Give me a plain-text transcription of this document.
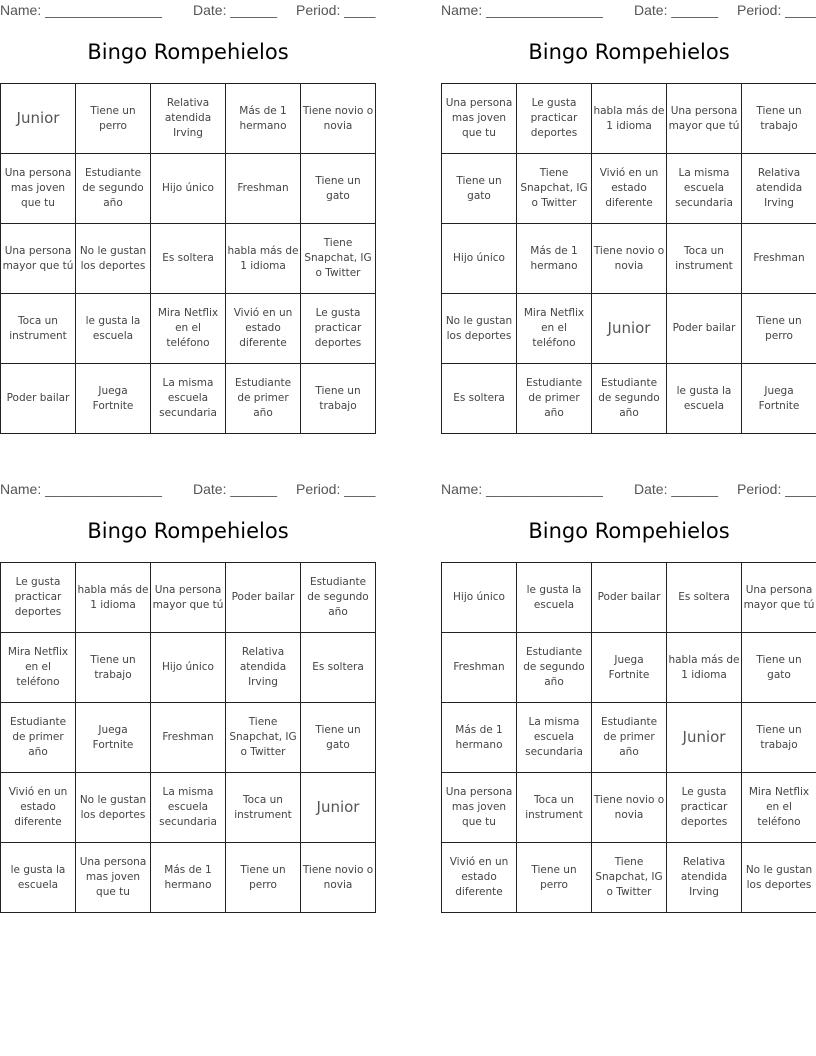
Name: _______________ Date: ______ Period: ____
Bingo Rompehielos
Junior	Tiene un perro	Relativa atendida Irving	Más de 1 hermano	Tiene novio o novia
Una persona mas joven que tu	Estudiante de segundo año	Hijo único	Freshman	Tiene un gato
Una persona mayor que tú	No le gustan los deportes	Es soltera	habla más de 1 idioma	Tiene Snapchat, IG o Twitter
Toca un instrument	le gusta la escuela	Mira Netflix en el teléfono	Vivió en un estado diferente	Le gusta practicar deportes
Poder bailar	Juega Fortnite	La misma escuela secundaria	Estudiante de primer año	Tiene un trabajo
Name: _______________ Date: ______ Period: ____
Bingo Rompehielos
Una persona mas joven que tu	Le gusta practicar deportes	habla más de 1 idioma	Una persona mayor que tú	Tiene un trabajo
Tiene un gato	Tiene Snapchat, IG o Twitter	Vivió en un estado diferente	La misma escuela secundaria	Relativa atendida Irving
Hijo único	Más de 1 hermano	Tiene novio o novia	Toca un instrument	Freshman
No le gustan los deportes	Mira Netflix en el teléfono	Junior	Poder bailar	Tiene un perro
Es soltera	Estudiante de primer año	Estudiante de segundo año	le gusta la escuela	Juega Fortnite
Name: _______________ Date: ______ Period: ____
Bingo Rompehielos
Le gusta practicar deportes	habla más de 1 idioma	Una persona mayor que tú	Poder bailar	Estudiante de segundo año
Mira Netflix en el teléfono	Tiene un trabajo	Hijo único	Relativa atendida Irving	Es soltera
Estudiante de primer año	Juega Fortnite	Freshman	Tiene Snapchat, IG o Twitter	Tiene un gato
Vivió en un estado diferente	No le gustan los deportes	La misma escuela secundaria	Toca un instrument	Junior
le gusta la escuela	Una persona mas joven que tu	Más de 1 hermano	Tiene un perro	Tiene novio o novia
Name: _______________ Date: ______ Period: ____
Bingo Rompehielos
Hijo único	le gusta la escuela	Poder bailar	Es soltera	Una persona mayor que tú
Freshman	Estudiante de segundo año	Juega Fortnite	habla más de 1 idioma	Tiene un gato
Más de 1 hermano	La misma escuela secundaria	Estudiante de primer año	Junior	Tiene un trabajo
Una persona mas joven que tu	Toca un instrument	Tiene novio o novia	Le gusta practicar deportes	Mira Netflix en el teléfono
Vivió en un estado diferente	Tiene un perro	Tiene Snapchat, IG o Twitter	Relativa atendida Irving	No le gustan los deportes
